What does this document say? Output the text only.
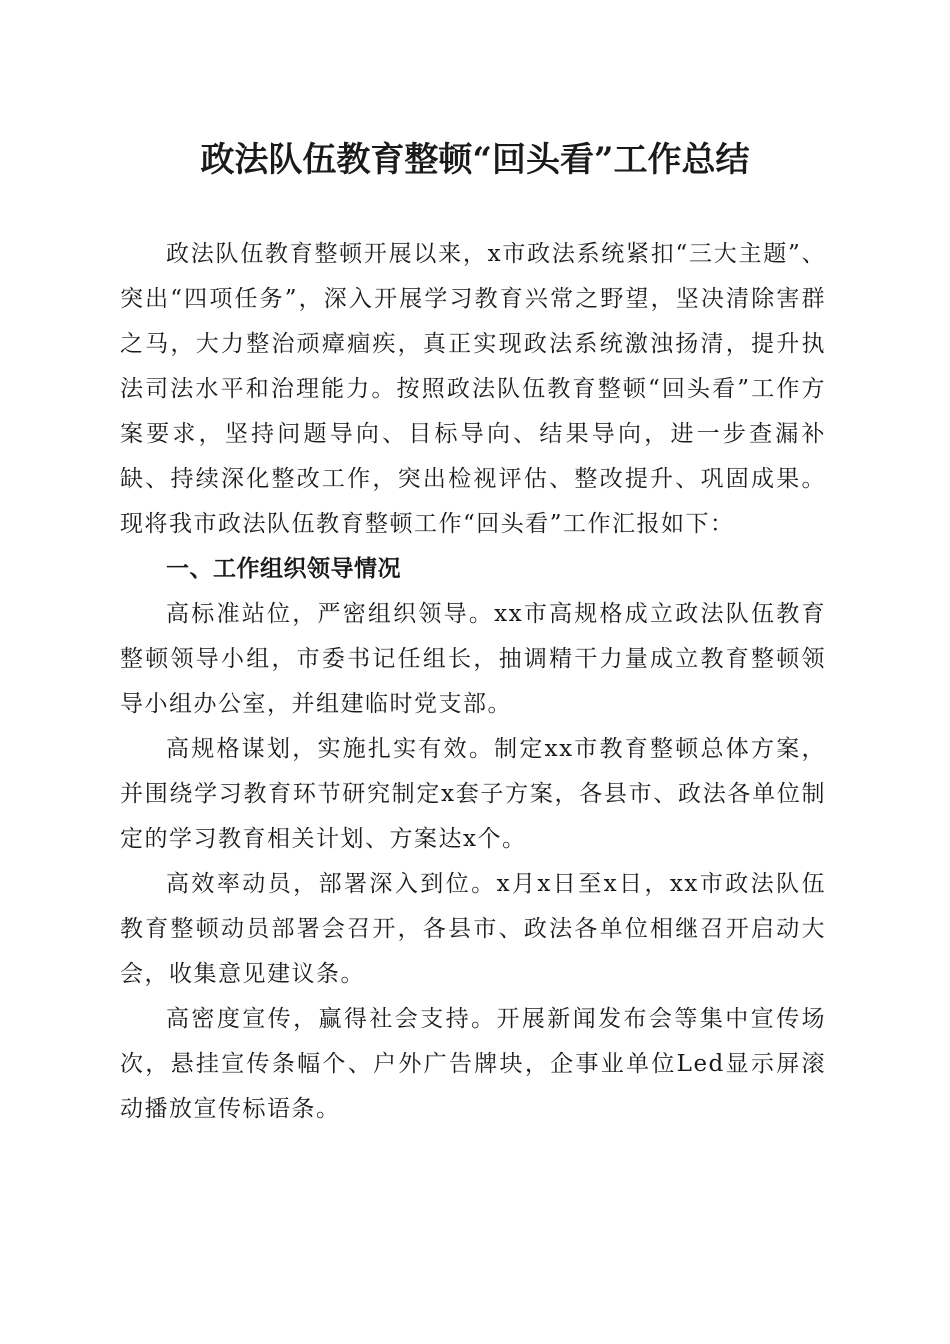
政法队伍教育整顿“回头看”工作总结

政法队伍教育整顿开展以来，x市政法系统紧扣“三大主题”、突出“四项任务”，深入开展学习教育兴常之野望，坚决清除害群之马，大力整治顽瘴痼疾，真正实现政法系统激浊扬清，提升执法司法水平和治理能力。按照政法队伍教育整顿“回头看”工作方案要求，坚持问题导向、目标导向、结果导向，进一步查漏补缺、持续深化整改工作，突出检视评估、整改提升、巩固成果。现将我市政法队伍教育整顿工作“回头看”工作汇报如下：

一、工作组织领导情况

高标准站位，严密组织领导。xx市高规格成立政法队伍教育整顿领导小组，市委书记任组长，抽调精干力量成立教育整顿领导小组办公室，并组建临时党支部。

高规格谋划，实施扎实有效。制定xx市教育整顿总体方案，并围绕学习教育环节研究制定x套子方案，各县市、政法各单位制定的学习教育相关计划、方案达x个。

高效率动员，部署深入到位。x月x日至x日，xx市政法队伍教育整顿动员部署会召开，各县市、政法各单位相继召开启动大会，收集意见建议条。

高密度宣传，赢得社会支持。开展新闻发布会等集中宣传场次，悬挂宣传条幅个、户外广告牌块，企事业单位Led显示屏滚动播放宣传标语条。
